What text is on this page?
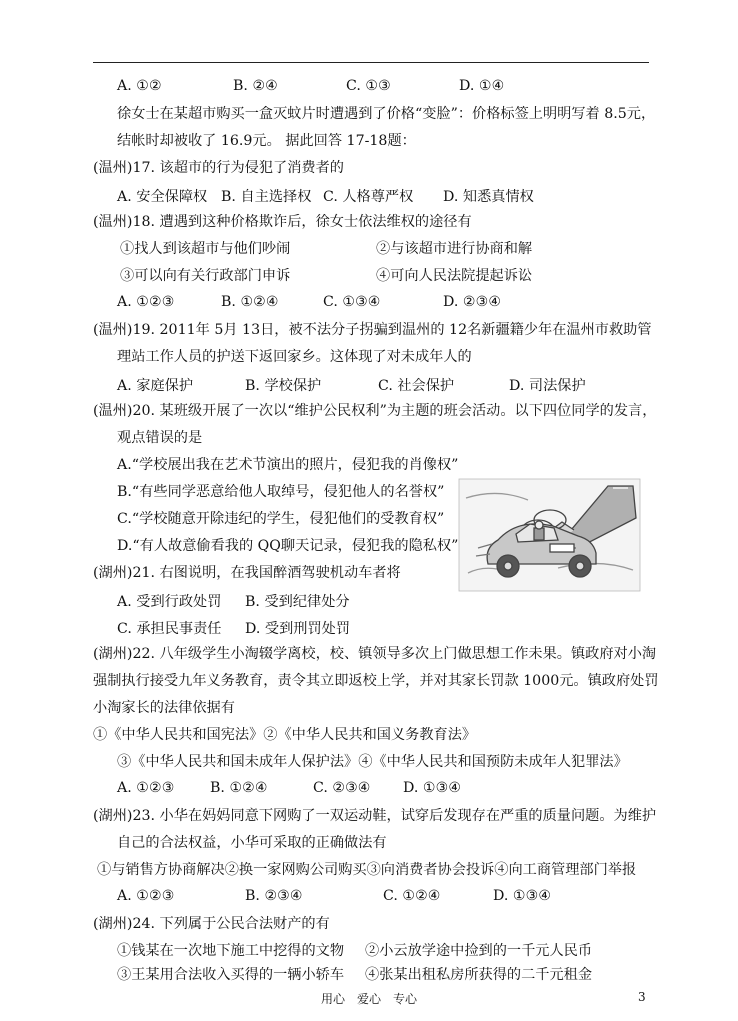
A. ①②	B. ②④	C. ①③	D. ①④
徐女士在某超市购买一盒灭蚊片时遭遇到了价格“变脸”：价格标签上明明写着 8.5元，
结帐时却被收了 16.9元。 据此回答 17-18题：
(温州)17. 该超市的行为侵犯了消费者的
A. 安全保障权 B. 自主选择权 C. 人格尊严权 D. 知悉真情权
(温州)18. 遭遇到这种价格欺诈后，徐女士依法维权的途径有
①找人到该超市与他们吵闹	②与该超市进行协商和解
③可以向有关行政部门申诉	④可向人民法院提起诉讼
A. ①②③	B. ①②④	C. ①③④	D. ②③④
(温州)19. 2011年 5月 13日，被不法分子拐骗到温州的 12名新疆籍少年在温州市救助管
理站工作人员的护送下返回家乡。这体现了对未成年人的
A. 家庭保护	B. 学校保护	C. 社会保护	D. 司法保护
(温州)20. 某班级开展了一次以“维护公民权利”为主题的班会活动。以下四位同学的发言，
观点错误的是
A.“学校展出我在艺术节演出的照片，侵犯我的肖像权”
B.“有些同学恶意给他人取绰号，侵犯他人的名誉权”
C.“学校随意开除违纪的学生，侵犯他们的受教育权”
D.“有人故意偷看我的 QQ聊天记录，侵犯我的隐私权”
(湖州)21. 右图说明，在我国醉酒驾驶机动车者将
A. 受到行政处罚 B. 受到纪律处分
C. 承担民事责任 D. 受到刑罚处罚
(湖州)22. 八年级学生小淘辍学离校，校、镇领导多次上门做思想工作未果。镇政府对小淘
强制执行接受九年义务教育，责令其立即返校上学，并对其家长罚款 1000元。镇政府处罚
小淘家长的法律依据有
①《中华人民共和国宪法》②《中华人民共和国义务教育法》
③《中华人民共和国未成年人保护法》④《中华人民共和国预防未成年人犯罪法》
A. ①②③	B. ①②④	C. ②③④ D. ①③④
(湖州)23. 小华在妈妈同意下网购了一双运动鞋，试穿后发现存在严重的质量问题。为维护
自己的合法权益，小华可采取的正确做法有
①与销售方协商解决②换一家网购公司购买③向消费者协会投诉④向工商管理部门举报
A. ①②③	B. ②③④	C. ①②④	D. ①③④
(湖州)24. 下列属于公民合法财产的有
①钱某在一次地下施工中挖得的文物 ②小云放学途中捡到的一千元人民币
③王某用合法收入买得的一辆小轿车 ④张某出租私房所获得的二千元租金
用心　爱心　专心	3
